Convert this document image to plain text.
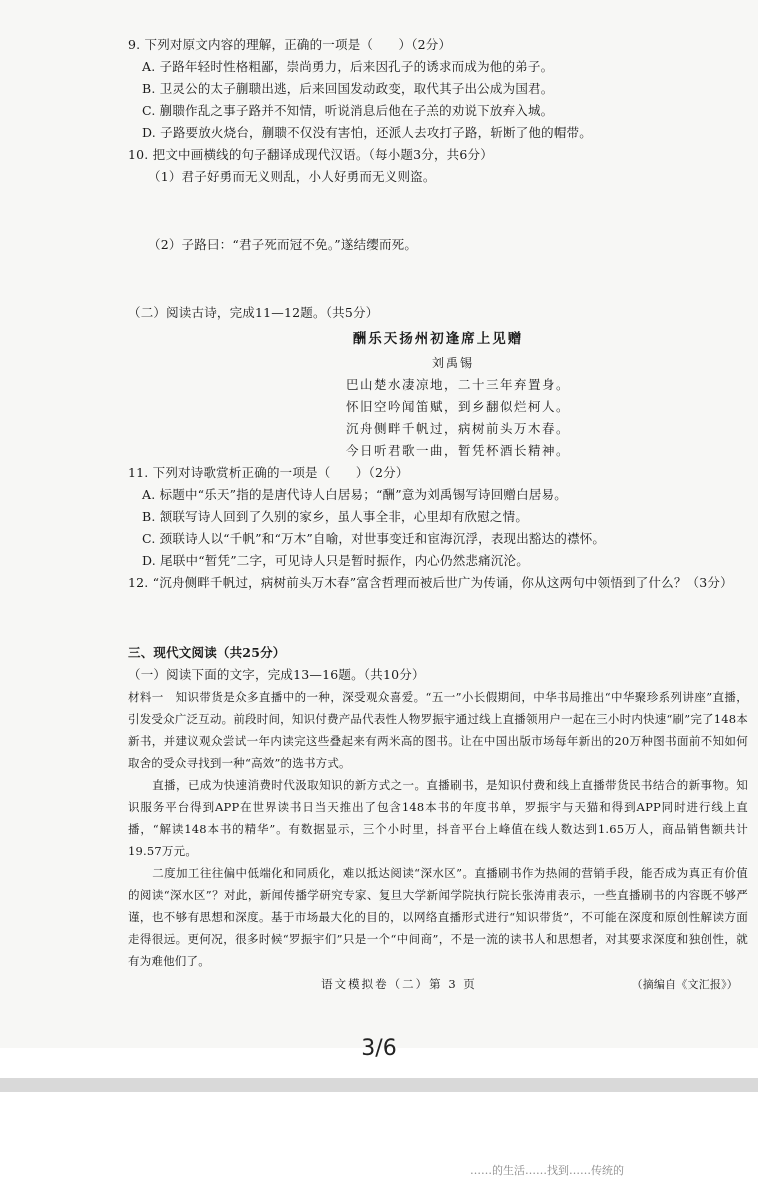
9. 下列对原文内容的理解，正确的一项是（　　）（2分）
A. 子路年轻时性格粗鄙，崇尚勇力，后来因孔子的诱求而成为他的弟子。
B. 卫灵公的太子蒯聩出逃，后来回国发动政变，取代其子出公成为国君。
C. 蒯聩作乱之事子路并不知情，听说消息后他在子羔的劝说下放弃入城。
D. 子路要放火烧台，蒯聩不仅没有害怕，还派人去攻打子路，斩断了他的帽带。
10. 把文中画横线的句子翻译成现代汉语。（每小题3分，共6分）
（1）君子好勇而无义则乱，小人好勇而无义则盗。
（2）子路曰：“君子死而冠不免。”遂结缨而死。
（二）阅读古诗，完成11—12题。（共5分）
酬乐天扬州初逢席上见赠
刘禹锡
巴山楚水凄凉地，二十三年弃置身。
怀旧空吟闻笛赋，到乡翻似烂柯人。
沉舟侧畔千帆过，病树前头万木春。
今日听君歌一曲，暂凭杯酒长精神。
11. 下列对诗歌赏析正确的一项是（　　）（2分）
A. 标题中“乐天”指的是唐代诗人白居易；“酬”意为刘禹锡写诗回赠白居易。
B. 颔联写诗人回到了久别的家乡，虽人事全非，心里却有欣慰之情。
C. 颈联诗人以“千帆”和“万木”自喻，对世事变迁和宦海沉浮，表现出豁达的襟怀。
D. 尾联中“暂凭”二字，可见诗人只是暂时振作，内心仍然悲痛沉沦。
12. “沉舟侧畔千帆过，病树前头万木春”富含哲理而被后世广为传诵，你从这两句中领悟到了什么？（3分）
三、现代文阅读（共25分）
（一）阅读下面的文字，完成13—16题。（共10分）
材料一　知识带货是众多直播中的一种，深受观众喜爱。“五一”小长假期间，中华书局推出“中华聚珍系列讲座”直播，引发受众广泛互动。前段时间，知识付费产品代表性人物罗振宇通过线上直播领用户一起在三小时内快速“刷”完了148本新书，并建议观众尝试一年内读完这些叠起来有两米高的图书。让在中国出版市场每年新出的20万种图书面前不知如何取舍的受众寻找到一种“高效”的选书方式。
直播，已成为快速消费时代汲取知识的新方式之一。直播刷书，是知识付费和线上直播带货民书结合的新事物。知识服务平台得到APP在世界读书日当天推出了包含148本书的年度书单，罗振宇与天猫和得到APP同时进行线上直播，“解读148本书的精华”。有数据显示，三个小时里，抖音平台上峰值在线人数达到1.65万人，商品销售额共计19.57万元。
二度加工往往偏中低端化和同质化，难以抵达阅读“深水区”。直播刷书作为热闹的营销手段，能否成为真正有价值的阅读“深水区”？对此，新闻传播学研究专家、复旦大学新闻学院执行院长张涛甫表示，一些直播刷书的内容既不够严谨，也不够有思想和深度。基于市场最大化的目的，以网络直播形式进行“知识带货”，不可能在深度和原创性解读方面走得很远。更何况，很多时候“罗振宇们”只是一个“中间商”，不是一流的读书人和思想者，对其要求深度和独创性，就有为难他们了。
（摘编自《文汇报》）
语文模拟卷（二）第 3 页
3/6
……的生活……找到……传统的
